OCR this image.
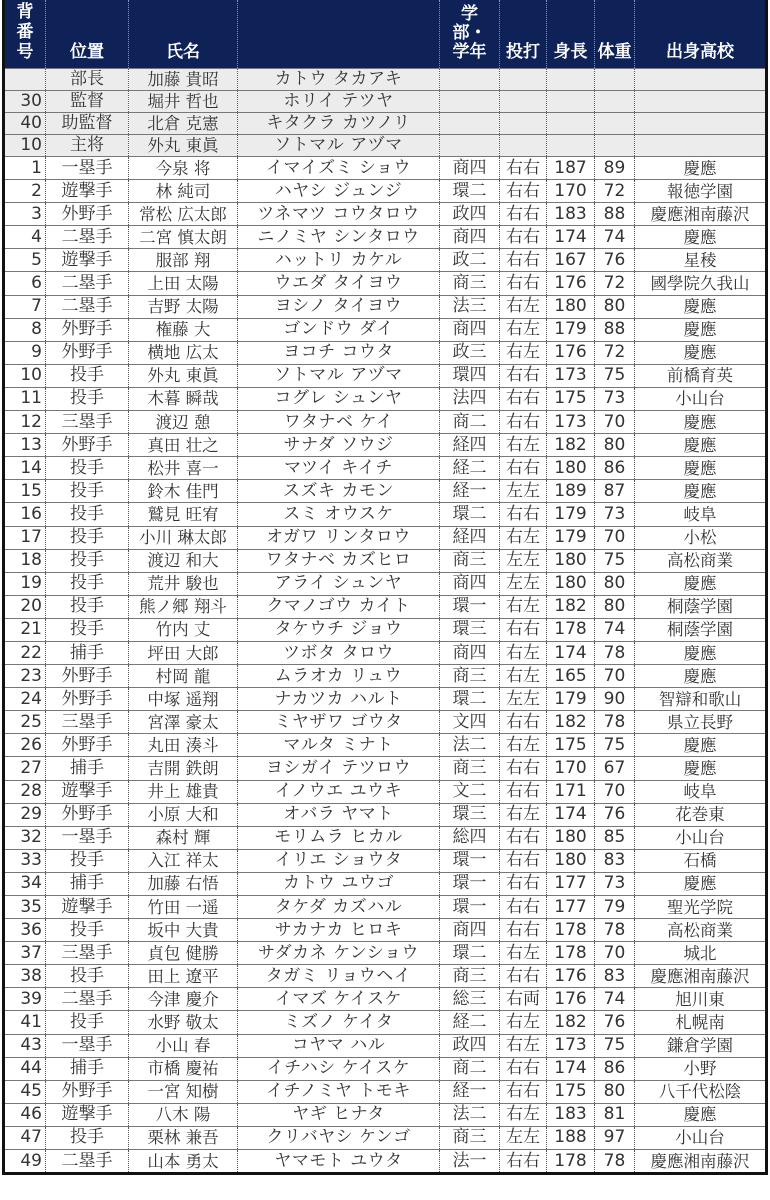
背番号	位置	氏名		学部・学年	投打	身長	体重	出身高校
	部長	加藤 貴昭	カトウ タカアキ					
30	監督	堀井 哲也	ホリイ テツヤ					
40	助監督	北倉 克憲	キタクラ カツノリ					
10	主将	外丸 東眞	ソトマル アヅマ					
1	一塁手	今泉 将	イマイズミ ショウ	商四	右右	187	89	慶應
2	遊撃手	林 純司	ハヤシ ジュンジ	環二	右右	170	72	報徳学園
3	外野手	常松 広太郎	ツネマツ コウタロウ	政四	右右	183	88	慶應湘南藤沢
4	二塁手	二宮 慎太朗	ニノミヤ シンタロウ	商四	右右	174	74	慶應
5	遊撃手	服部 翔	ハットリ カケル	政二	右右	167	76	星稜
6	二塁手	上田 太陽	ウエダ タイヨウ	商三	右右	176	72	國學院久我山
7	二塁手	吉野 太陽	ヨシノ タイヨウ	法三	右左	180	80	慶應
8	外野手	権藤 大	ゴンドウ ダイ	商四	右左	179	88	慶應
9	外野手	横地 広太	ヨコチ コウタ	政三	右左	176	72	慶應
10	投手	外丸 東眞	ソトマル アヅマ	環四	右右	173	75	前橋育英
11	投手	木暮 瞬哉	コグレ シュンヤ	法四	右右	175	73	小山台
12	三塁手	渡辺 憩	ワタナベ ケイ	商二	右右	173	70	慶應
13	外野手	真田 壮之	サナダ ソウジ	経四	右左	182	80	慶應
14	投手	松井 喜一	マツイ キイチ	経二	右右	180	86	慶應
15	投手	鈴木 佳門	スズキ カモン	経一	左左	189	87	慶應
16	投手	鷲見 旺宥	スミ オウスケ	環二	右右	179	73	岐阜
17	投手	小川 琳太郎	オガワ リンタロウ	経四	右左	179	70	小松
18	投手	渡辺 和大	ワタナベ カズヒロ	商三	左左	180	75	高松商業
19	投手	荒井 駿也	アライ シュンヤ	商四	左左	180	80	慶應
20	投手	熊ノ郷 翔斗	クマノゴウ カイト	環一	右左	182	80	桐蔭学園
21	投手	竹内 丈	タケウチ ジョウ	環三	右右	178	74	桐蔭学園
22	捕手	坪田 大郎	ツボタ タロウ	商四	右左	174	78	慶應
23	外野手	村岡 龍	ムラオカ リュウ	商三	右左	165	70	慶應
24	外野手	中塚 遥翔	ナカツカ ハルト	環二	左左	179	90	智辯和歌山
25	三塁手	宮澤 豪太	ミヤザワ ゴウタ	文四	右右	182	78	県立長野
26	外野手	丸田 湊斗	マルタ ミナト	法二	右左	175	75	慶應
27	捕手	吉開 鉄朗	ヨシガイ テツロウ	商三	右右	170	67	慶應
28	遊撃手	井上 雄貴	イノウエ ユウキ	文二	右右	171	70	岐阜
29	外野手	小原 大和	オバラ ヤマト	環三	右左	174	76	花巻東
32	一塁手	森村 輝	モリムラ ヒカル	総四	右右	180	85	小山台
33	投手	入江 祥太	イリエ ショウタ	環一	右右	180	83	石橋
34	捕手	加藤 右悟	カトウ ユウゴ	環一	右右	177	73	慶應
35	遊撃手	竹田 一遥	タケダ カズハル	環一	右右	177	79	聖光学院
36	投手	坂中 大貴	サカナカ ヒロキ	商四	右右	178	78	高松商業
37	三塁手	貞包 健勝	サダカネ ケンショウ	環二	右左	178	70	城北
38	投手	田上 遼平	タガミ リョウヘイ	商三	右右	176	83	慶應湘南藤沢
39	二塁手	今津 慶介	イマズ ケイスケ	総三	右両	176	74	旭川東
41	投手	水野 敬太	ミズノ ケイタ	経二	右左	182	76	札幌南
43	一塁手	小山 春	コヤマ ハル	政四	右左	173	75	鎌倉学園
44	捕手	市橋 慶祐	イチハシ ケイスケ	商二	右右	174	86	小野
45	外野手	一宮 知樹	イチノミヤ トモキ	経一	右右	175	80	八千代松陰
46	遊撃手	八木 陽	ヤギ ヒナタ	法二	右左	183	81	慶應
47	投手	栗林 兼吾	クリバヤシ ケンゴ	商三	左左	188	97	小山台
49	二塁手	山本 勇太	ヤマモト ユウタ	法一	右右	178	78	慶應湘南藤沢
